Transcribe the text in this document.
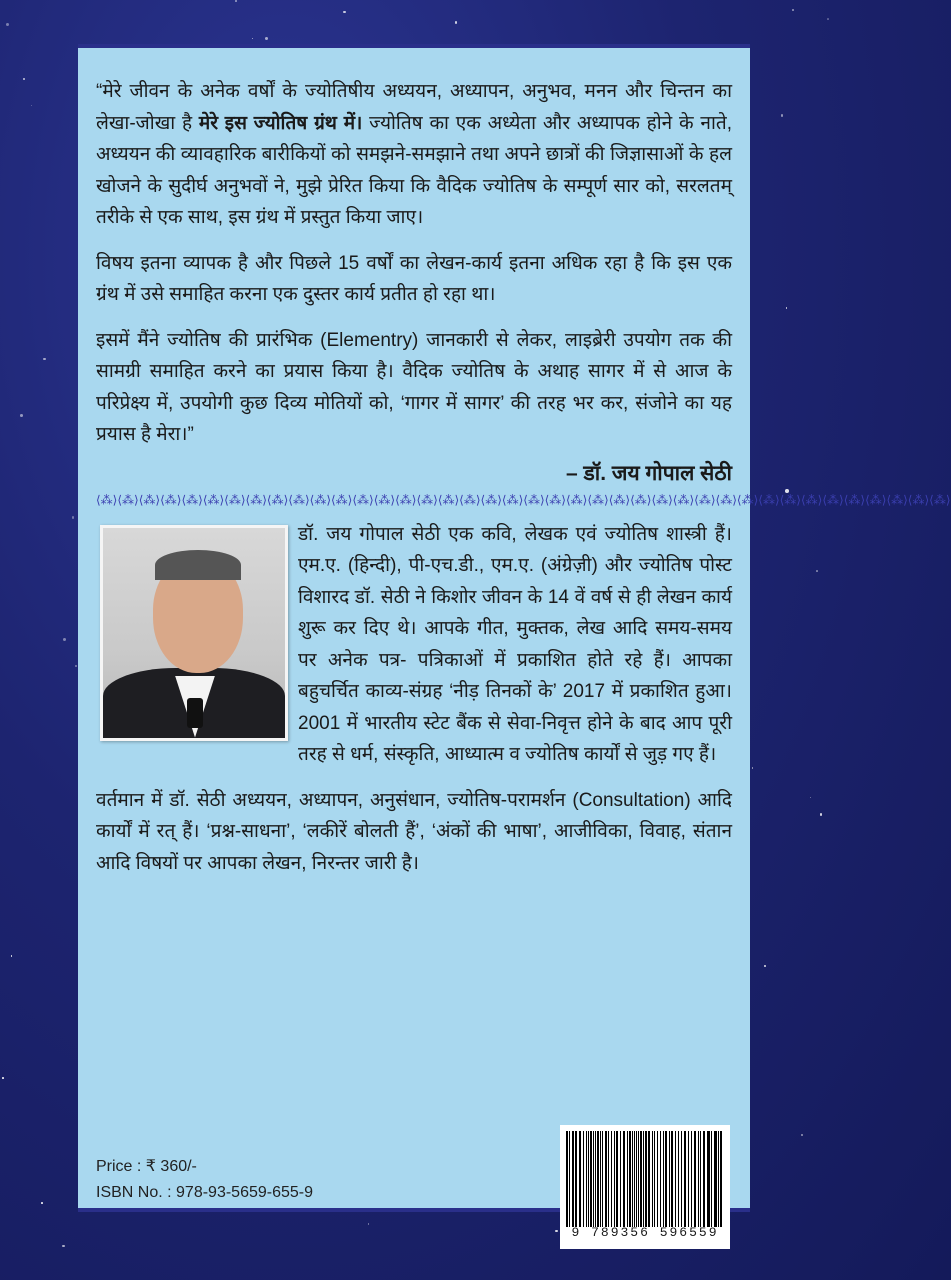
“मेरे जीवन के अनेक वर्षों के ज्योतिषीय अध्ययन, अध्यापन, अनुभव, मनन और चिन्तन का लेखा-जोखा है मेरे इस ज्योतिष ग्रंथ में। ज्योतिष का एक अध्येता और अध्यापक होने के नाते, अध्ययन की व्यावहारिक बारीकियों को समझने-समझाने तथा अपने छात्रों की जिज्ञासाओं के हल खोजने के सुदीर्घ अनुभवों ने, मुझे प्रेरित किया कि वैदिक ज्योतिष के सम्पूर्ण सार को, सरलतम् तरीके से एक साथ, इस ग्रंथ में प्रस्तुत किया जाए।

विषय इतना व्यापक है और पिछले 15 वर्षों का लेखन-कार्य इतना अधिक रहा है कि इस एक ग्रंथ में उसे समाहित करना एक दुस्तर कार्य प्रतीत हो रहा था।

इसमें मैंने ज्योतिष की प्रारंभिक (Elementry) जानकारी से लेकर, लाइब्रेरी उपयोग तक की सामग्री समाहित करने का प्रयास किया है। वैदिक ज्योतिष के अथाह सागर में से आज के परिप्रेक्ष्य में, उपयोगी कुछ दिव्य मोतियों को, ‘गागर में सागर’ की तरह भर कर, संजोने का यह प्रयास है मेरा।”

– डॉ. जय गोपाल सेठी
⟨⁂⟩⟨⁂⟩⟨⁂⟩⟨⁂⟩⟨⁂⟩⟨⁂⟩⟨⁂⟩⟨⁂⟩⟨⁂⟩⟨⁂⟩⟨⁂⟩⟨⁂⟩⟨⁂⟩⟨⁂⟩⟨⁂⟩⟨⁂⟩⟨⁂⟩⟨⁂⟩⟨⁂⟩⟨⁂⟩⟨⁂⟩⟨⁂⟩⟨⁂⟩⟨⁂⟩⟨⁂⟩⟨⁂⟩⟨⁂⟩⟨⁂⟩⟨⁂⟩⟨⁂⟩⟨⁂⟩⟨⁂⟩⟨⁂⟩⟨⁂⟩⟨⁂⟩⟨⁂⟩⟨⁂⟩⟨⁂⟩⟨⁂⟩⟨⁂⟩

डॉ. जय गोपाल सेठी एक कवि, लेखक एवं ज्योतिष शास्त्री हैं। एम.ए. (हिन्दी), पी-एच.डी., एम.ए. (अंग्रेज़ी) और ज्योतिष पोस्ट विशारद डॉ. सेठी ने किशोर जीवन के 14 वें वर्ष से ही लेखन कार्य शुरू कर दिए थे। आपके गीत, मुक्तक, लेख आदि समय-समय पर अनेक पत्र- पत्रिकाओं में प्रकाशित होते रहे हैं। आपका बहुचर्चित काव्य-संग्रह ‘नीड़ तिनकों के’ 2017 में प्रकाशित हुआ। 2001 में भारतीय स्टेट बैंक से सेवा-निवृत्त होने के बाद आप पूरी तरह से धर्म, संस्कृति, आध्यात्म व ज्योतिष कार्यों से जुड़ गए हैं।

वर्तमान में डॉ. सेठी अध्ययन, अध्यापन, अनुसंधान, ज्योतिष-परामर्शन (Consultation) आदि कार्यों में रत् हैं। ‘प्रश्न-साधना’, ‘लकीरें बोलती हैं’, ‘अंकों की भाषा’, आजीविका, विवाह, संतान आदि विषयों पर आपका लेखन, निरन्तर जारी है।

Price : ₹ 360/-
ISBN No. : 978-93-5659-655-9
9 789356 596559
